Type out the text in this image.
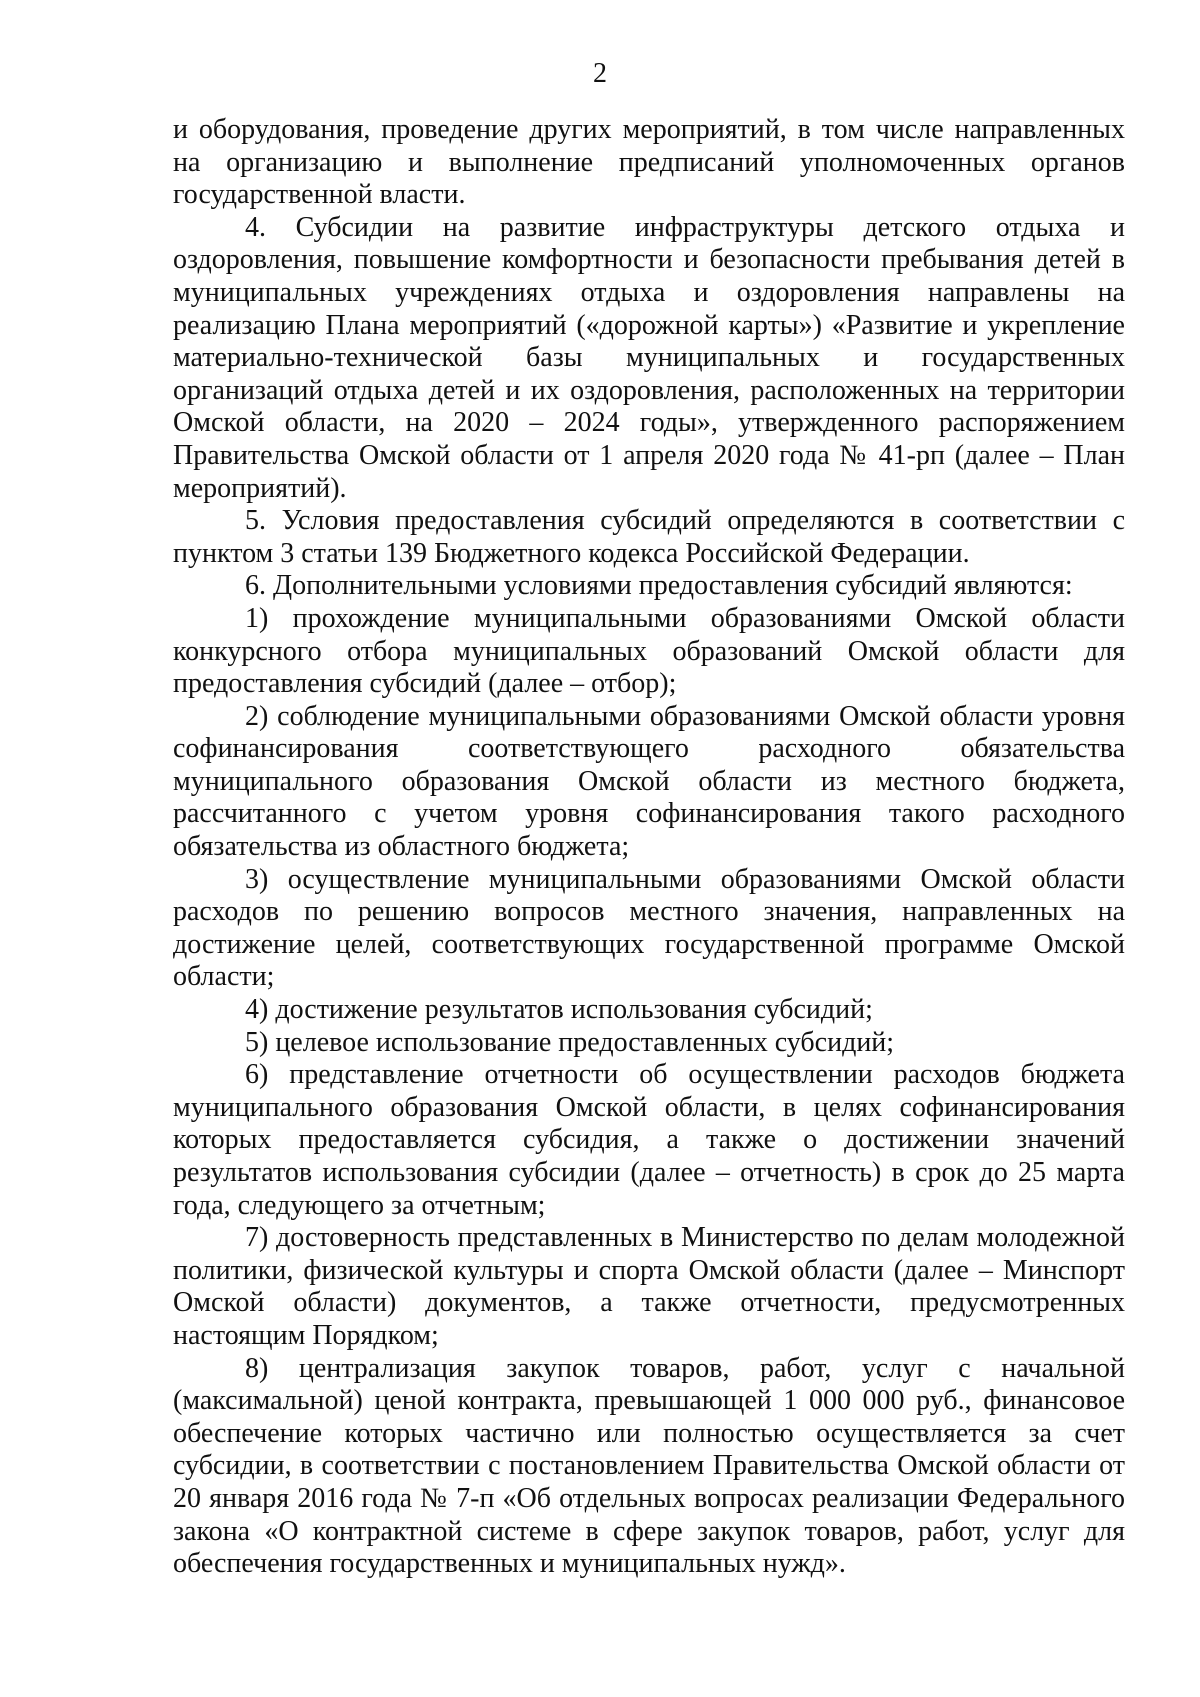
2

и оборудования, проведение других мероприятий, в том числе направленных на организацию и выполнение предписаний уполномоченных органов государственной власти.

4. Субсидии на развитие инфраструктуры детского отдыха и оздоровления, повышение комфортности и безопасности пребывания детей в муниципальных учреждениях отдыха и оздоровления направлены на реализацию Плана мероприятий («дорожной карты») «Развитие и укрепление материально-технической базы муниципальных и государственных организаций отдыха детей и их оздоровления, расположенных на территории Омской области, на 2020 – 2024 годы», утвержденного распоряжением Правительства Омской области от 1 апреля 2020 года № 41-рп (далее – План мероприятий).

5. Условия предоставления субсидий определяются в соответствии с пунктом 3 статьи 139 Бюджетного кодекса Российской Федерации.

6. Дополнительными условиями предоставления субсидий являются:

1) прохождение муниципальными образованиями Омской области конкурсного отбора муниципальных образований Омской области для предоставления субсидий (далее – отбор);

2) соблюдение муниципальными образованиями Омской области уровня софинансирования соответствующего расходного обязательства муниципального образования Омской области из местного бюджета, рассчитанного с учетом уровня софинансирования такого расходного обязательства из областного бюджета;

3) осуществление муниципальными образованиями Омской области расходов по решению вопросов местного значения, направленных на достижение целей, соответствующих государственной программе Омской области;

4) достижение результатов использования субсидий;

5) целевое использование предоставленных субсидий;

6) представление отчетности об осуществлении расходов бюджета муниципального образования Омской области, в целях софинансирования которых предоставляется субсидия, а также о достижении значений результатов использования субсидии (далее – отчетность) в срок до 25 марта года, следующего за отчетным;

7) достоверность представленных в Министерство по делам молодежной политики, физической культуры и спорта Омской области (далее – Минспорт Омской области) документов, а также отчетности, предусмотренных настоящим Порядком;

8) централизация закупок товаров, работ, услуг с начальной (максимальной) ценой контракта, превышающей 1 000 000 руб., финансовое обеспечение которых частично или полностью осуществляется за счет субсидии, в соответствии с постановлением Правительства Омской области от 20 января 2016 года № 7-п «Об отдельных вопросах реализации Федерального закона «О контрактной системе в сфере закупок товаров, работ, услуг для обеспечения государственных и муниципальных нужд».
